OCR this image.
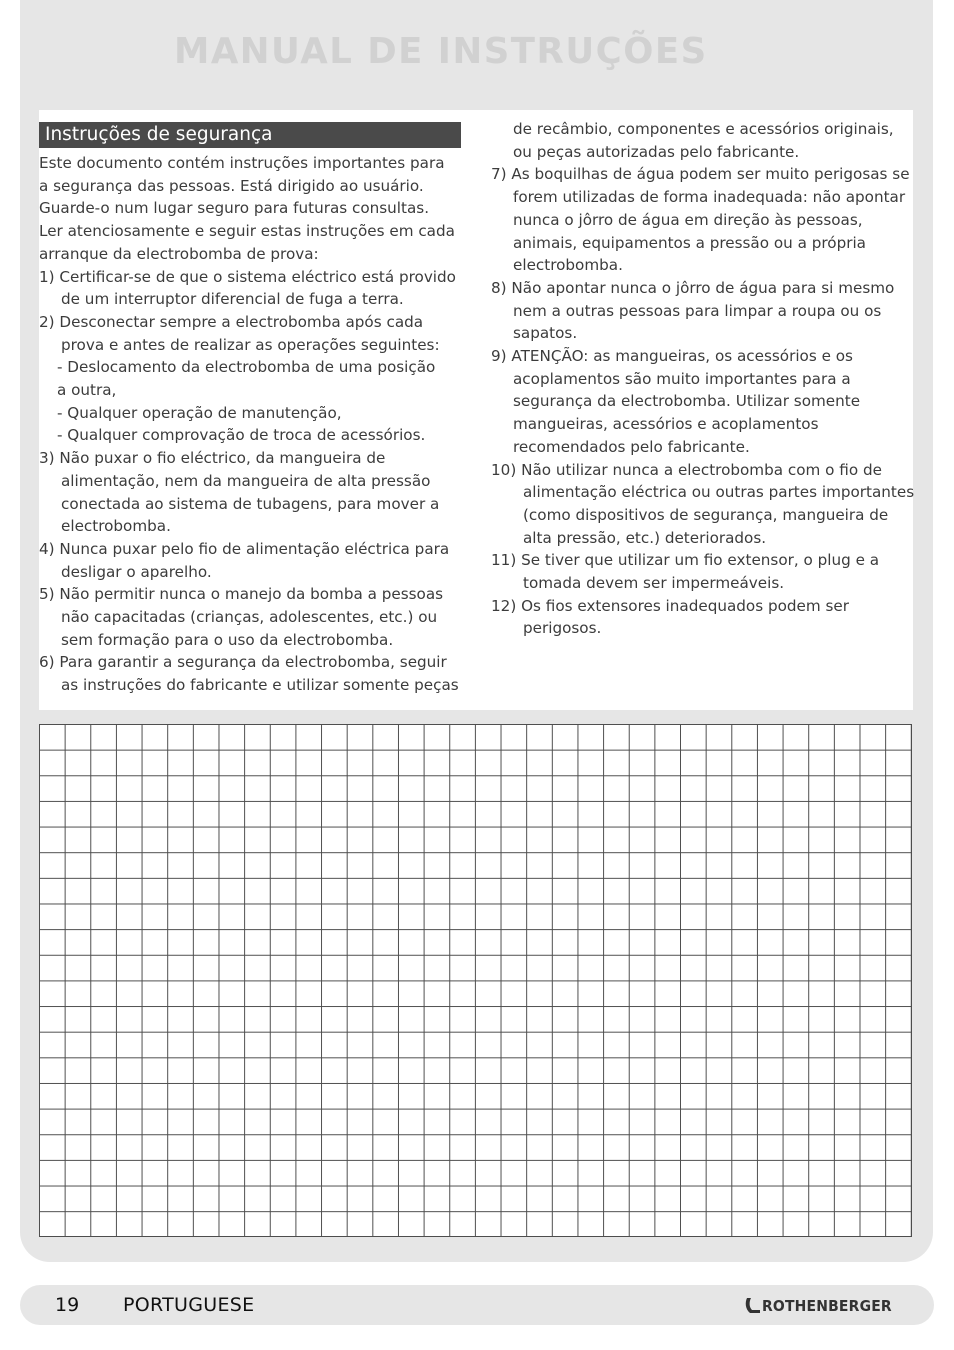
MANUAL DE INSTRUÇÕES
Instruções de segurança
Este documento contém instruções importantes para
a segurança das pessoas. Está dirigido ao usuário.
Guarde-o num lugar seguro para futuras consultas.
Ler atenciosamente e seguir estas instruções em cada
arranque da electrobomba de prova:
1) Certificar-se de que o sistema eléctrico está provido
de um interruptor diferencial de fuga a terra.
2) Desconectar sempre a electrobomba após cada
prova e antes de realizar as operações seguintes:
- Deslocamento da electrobomba de uma posição
a outra,
- Qualquer operação de manutenção,
- Qualquer comprovação de troca de acessórios.
3) Não puxar o fio eléctrico, da mangueira de
alimentação, nem da mangueira de alta pressão
conectada ao sistema de tubagens, para mover a
electrobomba.
4) Nunca puxar pelo fio de alimentação eléctrica para
desligar o aparelho.
5) Não permitir nunca o manejo da bomba a pessoas
não capacitadas (crianças, adolescentes, etc.) ou
sem formação para o uso da electrobomba.
6) Para garantir a segurança da electrobomba, seguir
as instruções do fabricante e utilizar somente peças
de recâmbio, componentes e acessórios originais,
ou peças autorizadas pelo fabricante.
7) As boquilhas de água podem ser muito perigosas se
forem utilizadas de forma inadequada: não apontar
nunca o jôrro de água em direção às pessoas,
animais, equipamentos a pressão ou a própria
electrobomba.
8) Não apontar nunca o jôrro de água para si mesmo
nem a outras pessoas para limpar a roupa ou os
sapatos.
9) ATENÇÃO: as mangueiras, os acessórios e os
acoplamentos são muito importantes para a
segurança da electrobomba. Utilizar somente
mangueiras, acessórios e acoplamentos
recomendados pelo fabricante.
10) Não utilizar nunca a electrobomba com o fio de
alimentação eléctrica ou outras partes importantes
(como dispositivos de segurança, mangueira de
alta pressão, etc.) deteriorados.
11) Se tiver que utilizar um fio extensor, o plug e a
tomada devem ser impermeáveis.
12) Os fios extensores inadequados podem ser
perigosos.
19 PORTUGUESE	ROTHENBERGER
